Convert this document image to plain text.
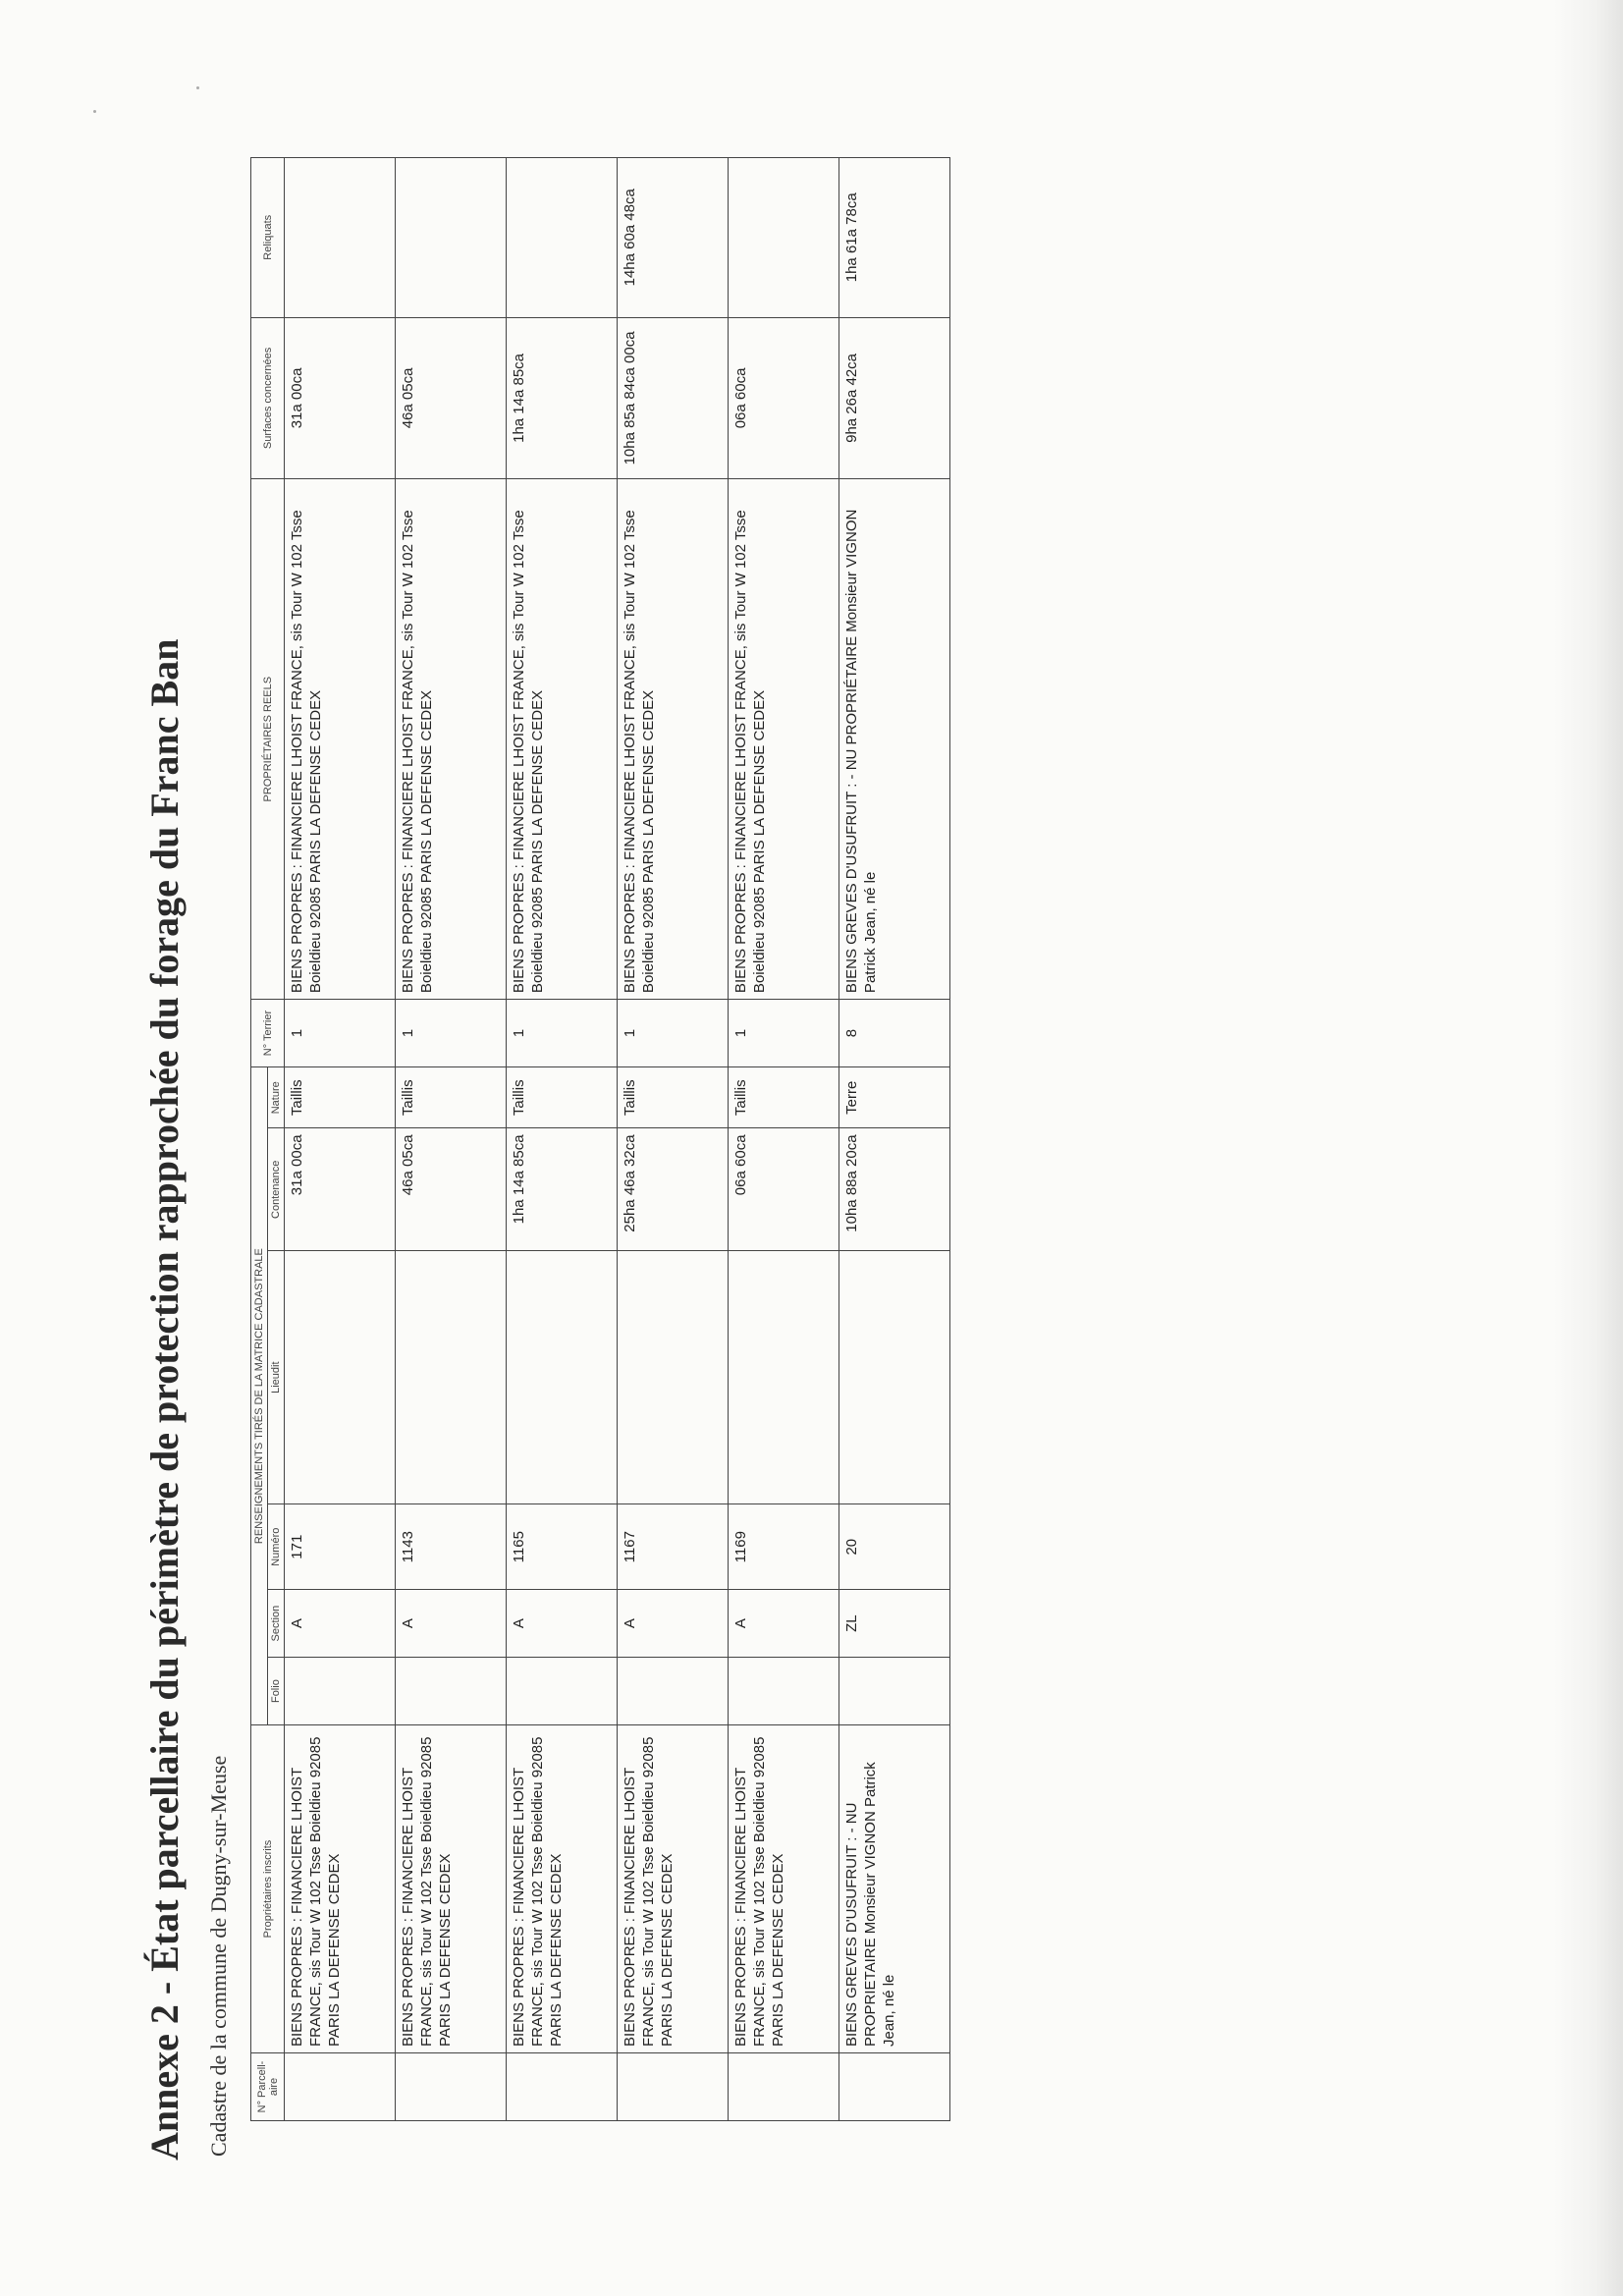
Annexe 2 - État parcellaire du périmètre de protection rapprochée du forage du Franc Ban Cadastre de la commune de Dugny-sur-Meuse N° Parcell-aire	Propriétaires inscrits	RENSEIGNEMENTS TIRÉS DE LA MATRICE CADASTRALE						N° Terrier	PROPRIÉTAIRES REELS	Surfaces concernées	Reliquats
		Folio	Section	Numéro	Lieudit	Contenance	Nature				
	BIENS PROPRES : FINANCIERE LHOIST FRANCE, sis Tour W 102 Tsse Boieldieu 92085 PARIS LA DEFENSE CEDEX		A	171		31a 00ca	Taillis	1	BIENS PROPRES : FINANCIERE LHOIST FRANCE, sis Tour W 102 Tsse Boieldieu 92085 PARIS LA DEFENSE CEDEX	31a 00ca	
	BIENS PROPRES : FINANCIERE LHOIST FRANCE, sis Tour W 102 Tsse Boieldieu 92085 PARIS LA DEFENSE CEDEX		A	1143		46a 05ca	Taillis	1	BIENS PROPRES : FINANCIERE LHOIST FRANCE, sis Tour W 102 Tsse Boieldieu 92085 PARIS LA DEFENSE CEDEX	46a 05ca	
	BIENS PROPRES : FINANCIERE LHOIST FRANCE, sis Tour W 102 Tsse Boieldieu 92085 PARIS LA DEFENSE CEDEX		A	1165		1ha 14a 85ca	Taillis	1	BIENS PROPRES : FINANCIERE LHOIST FRANCE, sis Tour W 102 Tsse Boieldieu 92085 PARIS LA DEFENSE CEDEX	1ha 14a 85ca	
	BIENS PROPRES : FINANCIERE LHOIST FRANCE, sis Tour W 102 Tsse Boieldieu 92085 PARIS LA DEFENSE CEDEX		A	1167		25ha 46a 32ca	Taillis	1	BIENS PROPRES : FINANCIERE LHOIST FRANCE, sis Tour W 102 Tsse Boieldieu 92085 PARIS LA DEFENSE CEDEX	10ha 85a 84ca 00ca	14ha 60a 48ca
	BIENS PROPRES : FINANCIERE LHOIST FRANCE, sis Tour W 102 Tsse Boieldieu 92085 PARIS LA DEFENSE CEDEX		A	1169		06a 60ca	Taillis	1	BIENS PROPRES : FINANCIERE LHOIST FRANCE, sis Tour W 102 Tsse Boieldieu 92085 PARIS LA DEFENSE CEDEX	06a 60ca	
	BIENS GREVES D'USUFRUIT : - NU PROPRIETAIRE Monsieur VIGNON Patrick Jean, né le		ZL	20		10ha 88a 20ca	Terre	8	BIENS GREVES D'USUFRUIT : - NU PROPRIÉTAIRE Monsieur VIGNON Patrick Jean, né le	9ha 26a 42ca	1ha 61a 78ca
